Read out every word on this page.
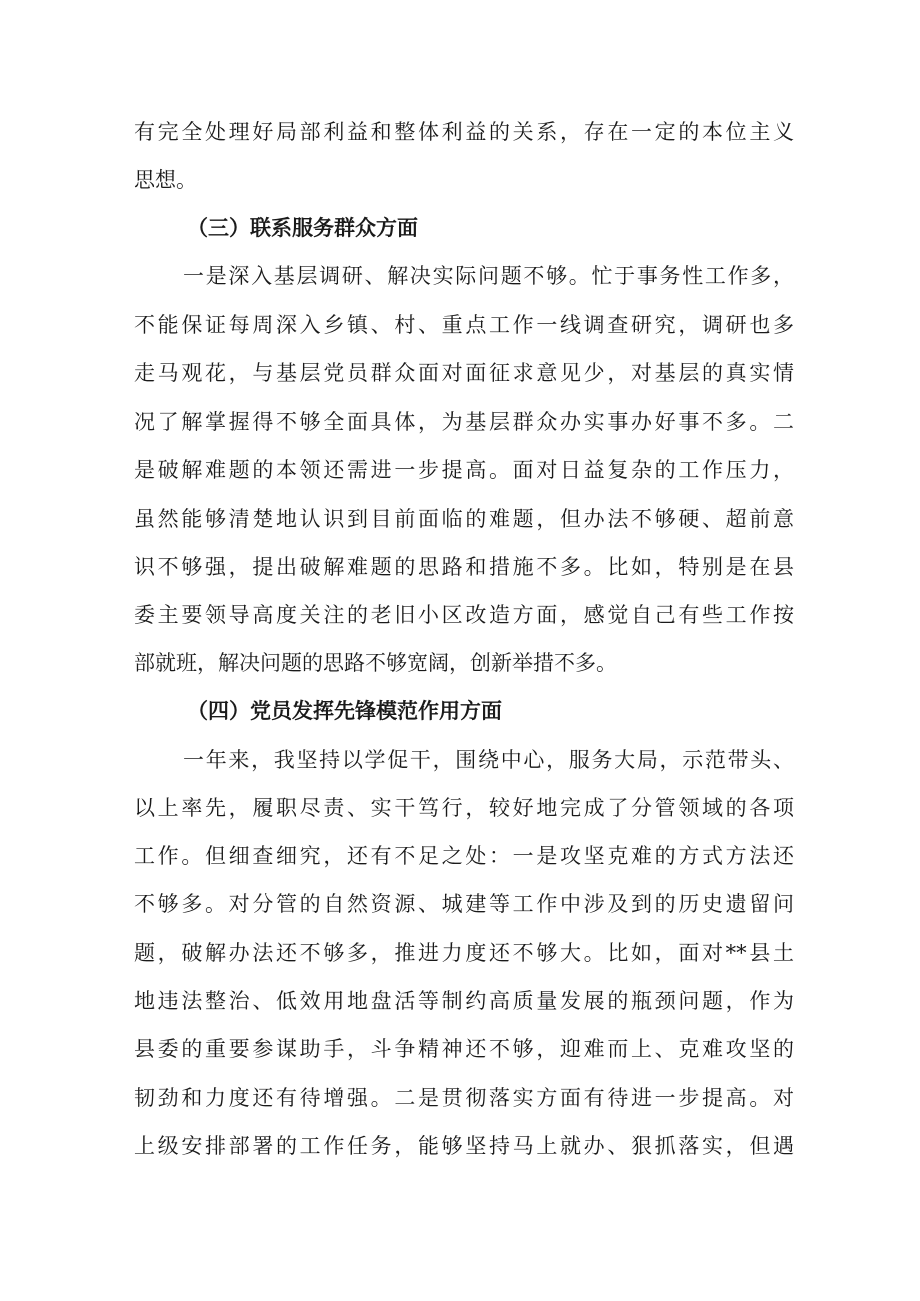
有完全处理好局部利益和整体利益的关系，存在一定的本位主义
思想。
（三）联系服务群众方面
一是深入基层调研、解决实际问题不够。忙于事务性工作多，
不能保证每周深入乡镇、村、重点工作一线调查研究，调研也多
走马观花，与基层党员群众面对面征求意见少，对基层的真实情
况了解掌握得不够全面具体，为基层群众办实事办好事不多。二
是破解难题的本领还需进一步提高。面对日益复杂的工作压力，
虽然能够清楚地认识到目前面临的难题，但办法不够硬、超前意
识不够强，提出破解难题的思路和措施不多。比如，特别是在县
委主要领导高度关注的老旧小区改造方面，感觉自己有些工作按
部就班，解决问题的思路不够宽阔，创新举措不多。
（四）党员发挥先锋模范作用方面
一年来，我坚持以学促干，围绕中心，服务大局，示范带头、
以上率先，履职尽责、实干笃行，较好地完成了分管领域的各项
工作。但细查细究，还有不足之处：一是攻坚克难的方式方法还
不够多。对分管的自然资源、城建等工作中涉及到的历史遗留问
题，破解办法还不够多，推进力度还不够大。比如，面对**县土
地违法整治、低效用地盘活等制约高质量发展的瓶颈问题，作为
县委的重要参谋助手，斗争精神还不够，迎难而上、克难攻坚的
韧劲和力度还有待增强。二是贯彻落实方面有待进一步提高。对
上级安排部署的工作任务，能够坚持马上就办、狠抓落实，但遇
